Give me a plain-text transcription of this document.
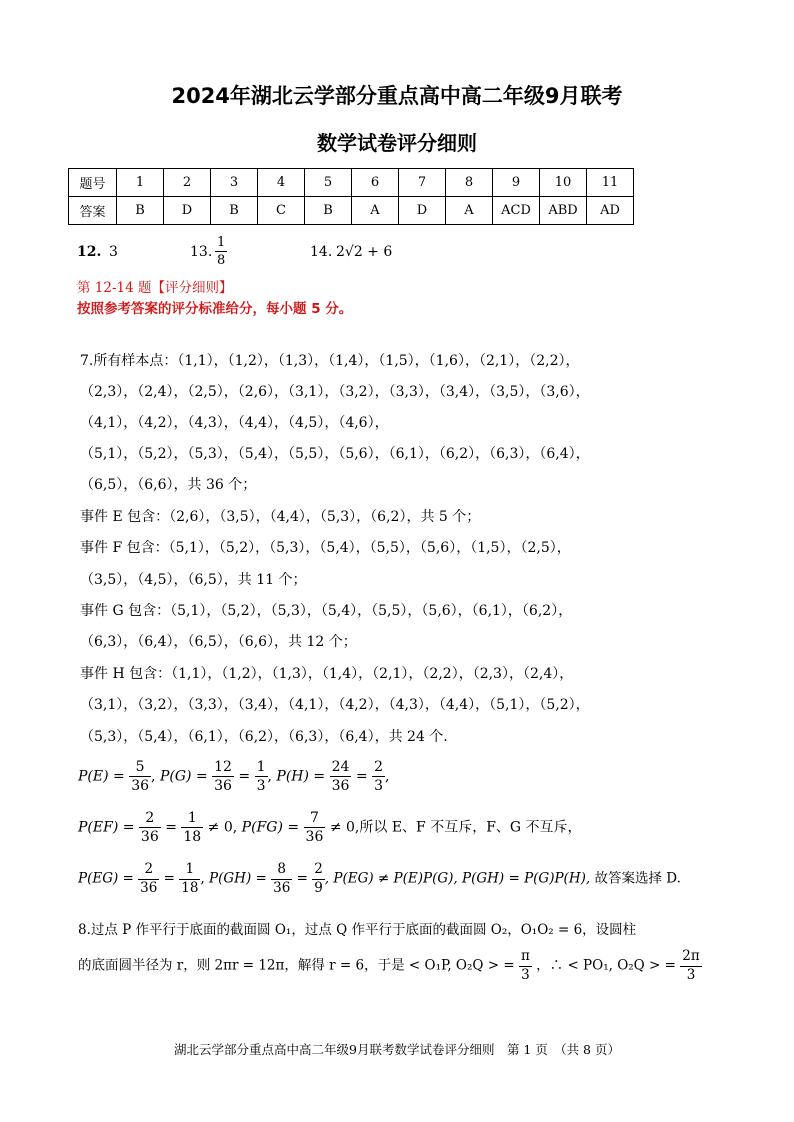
2024年湖北云学部分重点高中高二年级9月联考
数学试卷评分细则
题号	1	2	3	4	5	6	7	8	9	10	11
答案	B	D	B	C	B	A	D	A	ACD	ABD	AD
12. 3	13. $\frac{1}{8}$	14. 2√2 + 6
第 12-14 题【评分细则】
按照参考答案的评分标准给分，每小题 5 分。
7.所有样本点：（1,1），（1,2），（1,3），（1,4），（1,5），（1,6），（2,1），（2,2），
（2,3），（2,4），（2,5），（2,6），（3,1），（3,2），（3,3），（3,4），（3,5），（3,6），
（4,1），（4,2），（4,3），（4,4），（4,5），（4,6），
（5,1），（5,2），（5,3），（5,4），（5,5），（5,6），（6,1），（6,2），（6,3），（6,4），
（6,5），（6,6），共 36 个；
事件 E 包含：（2,6），（3,5），（4,4），（5,3），（6,2），共 5 个；
事件 F 包含：（5,1），（5,2），（5,3），（5,4），（5,5），（5,6），（1,5），（2,5），
（3,5），（4,5），（6,5），共 11 个；
事件 G 包含：（5,1），（5,2），（5,3），（5,4），（5,5），（5,6），（6,1），（6,2），
（6,3），（6,4），（6,5），（6,6），共 12 个；
事件 H 包含：（1,1），（1,2），（1,3），（1,4），（2,1），（2,2），（2,3），（2,4），
（3,1），（3,2），（3,3），（3,4），（4,1），（4,2），（4,3），（4,4），（5,1），（5,2），
（5,3），（5,4），（6,1），（6,2），（6,3），（6,4），共 24 个.
$P(E) = \frac{5}{36}$ , $P(G) = \frac{12}{36} = \frac{1}{3}$ , $P(H) = \frac{24}{36} = \frac{2}{3}$ ,
$P(EF) = \frac{2}{36} = \frac{1}{18} \ne 0$, $P(FG) = \frac{7}{36} \ne 0$,所以 E、F 不互斥，F、G 不互斥，
$P(EG) = \frac{2}{36} = \frac{1}{18}$ , $P(GH) = \frac{8}{36} = \frac{2}{9}$ , P(EG) ≠ P(E)P(G), P(GH) = P(G)P(H), 故答案选择 D.
8.过点 P 作平行于底面的截面圆 O₁，过点 Q 作平行于底面的截面圆 O₂，O₁O₂ = 6，设圆柱
的底面圆半径为 r，则 2πr = 12π，解得 r = 6，于是 < O₁P, O₂Q > = $\frac{\pi}{3}$ ，∴ < PO₁, O₂Q > = $\frac{2\pi}{3}$
湖北云学部分重点高中高二年级9月联考数学试卷评分细则　第 1 页　（共 8 页）
